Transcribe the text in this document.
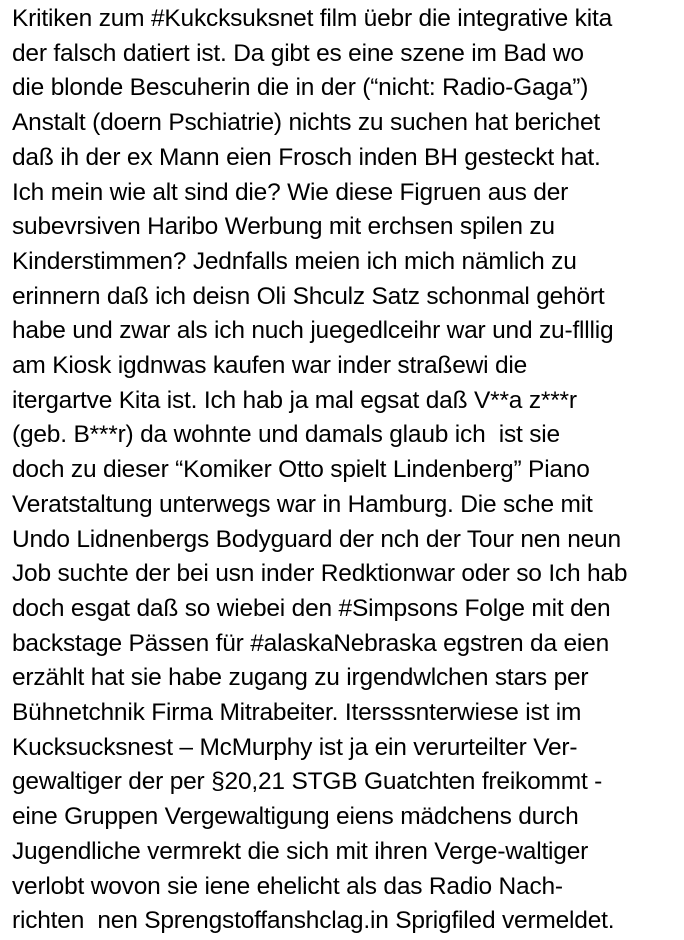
Kritiken zum #Kukcksuksnet film üebr die integrative kita
der falsch datiert ist. Da gibt es eine szene im Bad wo
die blonde Bescuherin die in der (“nicht: Radio-Gaga”)
Anstalt (doern Pschiatrie) nichts zu suchen hat berichet
daß ih der ex Mann eien Frosch inden BH gesteckt hat.
Ich mein wie alt sind die? Wie diese Figruen aus der
subevrsiven Haribo Werbung mit erchsen spilen zu
Kinderstimmen? Jednfalls meien ich mich nämlich zu
erinnern daß ich deisn Oli Shculz Satz schonmal gehört
habe und zwar als ich nuch juegedlceihr war und zu-flllig
am Kiosk igdnwas kaufen war inder straßewi die
itergartve Kita ist. Ich hab ja mal egsat daß V**a z***r
(geb. B***r) da wohnte und damals glaub ich  ist sie
doch zu dieser “Komiker Otto spielt Lindenberg” Piano
Veratstaltung unterwegs war in Hamburg. Die sche mit
Undo Lidnenbergs Bodyguard der nch der Tour nen neun
Job suchte der bei usn inder Redktionwar oder so Ich hab
doch esgat daß so wiebei den #Simpsons Folge mit den
backstage Pässen für #alaskaNebraska egstren da eien
erzählt hat sie habe zugang zu irgendwlchen stars per
Bühnetchnik Firma Mitrabeiter. Itersssnterwiese ist im
Kucksucksnest – McMurphy ist ja ein verurteilter Ver-
gewaltiger der per §20,21 STGB Guatchten freikommt -
eine Gruppen Vergewaltigung eiens mädchens durch
Jugendliche vermrekt die sich mit ihren Verge-waltiger
verlobt wovon sie iene ehelicht als das Radio Nach-
richten  nen Sprengstoffanshclag.in Sprigfiled vermeldet.
